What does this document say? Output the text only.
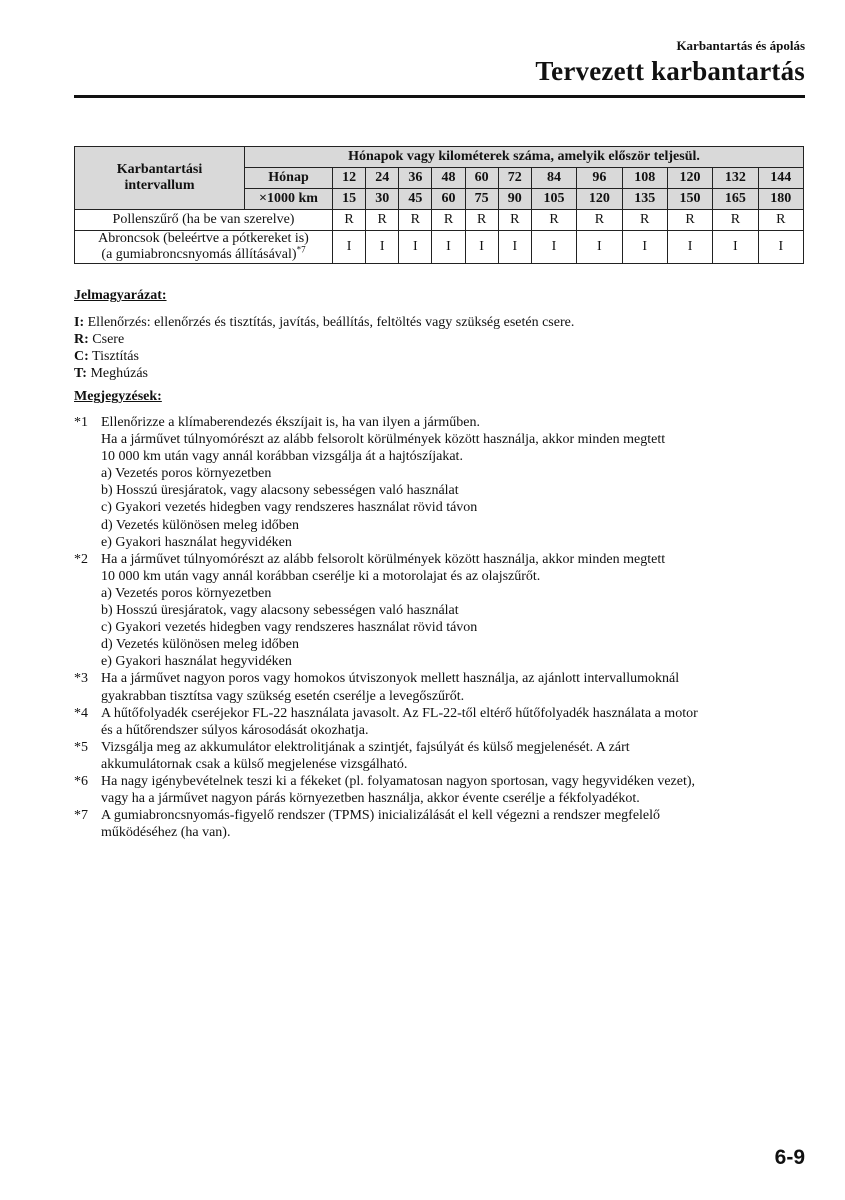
Karbantartás és ápolás
Tervezett karbantartás
Karbantartási intervallum	Hónapok vagy kilométerek száma, amelyik először teljesül.												
	Hónap	12	24	36	48	60	72	84	96	108	120	132	144
	×1000 km	15	30	45	60	75	90	105	120	135	150	165	180

Pollenszűrő (ha be van szerelve)		R	R	R	R	R	R	R	R	R	R	R	R

Abroncsok (beleértve a pótkereket is)
(a gumiabroncsnyomás állításával)$^{*7}$		I	I	I	I	I	I	I	I	I	I	I	I
Jelmagyarázat:
I: Ellenőrzés: ellenőrzés és tisztítás, javítás, beállítás, feltöltés vagy szükség esetén csere.
R: Csere
C: Tisztítás
T: Meghúzás
Megjegyzések:
*1 Ellenőrizze a klímaberendezés ékszíjait is, ha van ilyen a járműben.
Ha a járművet túlnyomórészt az alább felsorolt körülmények között használja, akkor minden megtett
10 000 km után vagy annál korábban vizsgálja át a hajtószíjakat.
a) Vezetés poros környezetben
b) Hosszú üresjáratok, vagy alacsony sebességen való használat
c) Gyakori vezetés hidegben vagy rendszeres használat rövid távon
d) Vezetés különösen meleg időben
e) Gyakori használat hegyvidéken
*2 Ha a járművet túlnyomórészt az alább felsorolt körülmények között használja, akkor minden megtett
10 000 km után vagy annál korábban cserélje ki a motorolajat és az olajszűrőt.
a) Vezetés poros környezetben
b) Hosszú üresjáratok, vagy alacsony sebességen való használat
c) Gyakori vezetés hidegben vagy rendszeres használat rövid távon
d) Vezetés különösen meleg időben
e) Gyakori használat hegyvidéken
*3 Ha a járművet nagyon poros vagy homokos útviszonyok mellett használja, az ajánlott intervallumoknál
gyakrabban tisztítsa vagy szükség esetén cserélje a levegőszűrőt.
*4 A hűtőfolyadék cseréjekor FL-22 használata javasolt. Az FL-22-től eltérő hűtőfolyadék használata a motor
és a hűtőrendszer súlyos károsodását okozhatja.
*5 Vizsgálja meg az akkumulátor elektrolitjának a szintjét, fajsúlyát és külső megjelenését. A zárt
akkumulátornak csak a külső megjelenése vizsgálható.
*6 Ha nagy igénybevételnek teszi ki a fékeket (pl. folyamatosan nagyon sportosan, vagy hegyvidéken vezet),
vagy ha a járművet nagyon párás környezetben használja, akkor évente cserélje a fékfolyadékot.
*7 A gumiabroncsnyomás-figyelő rendszer (TPMS) inicializálását el kell végezni a rendszer megfelelő
működéséhez (ha van).
6-9
